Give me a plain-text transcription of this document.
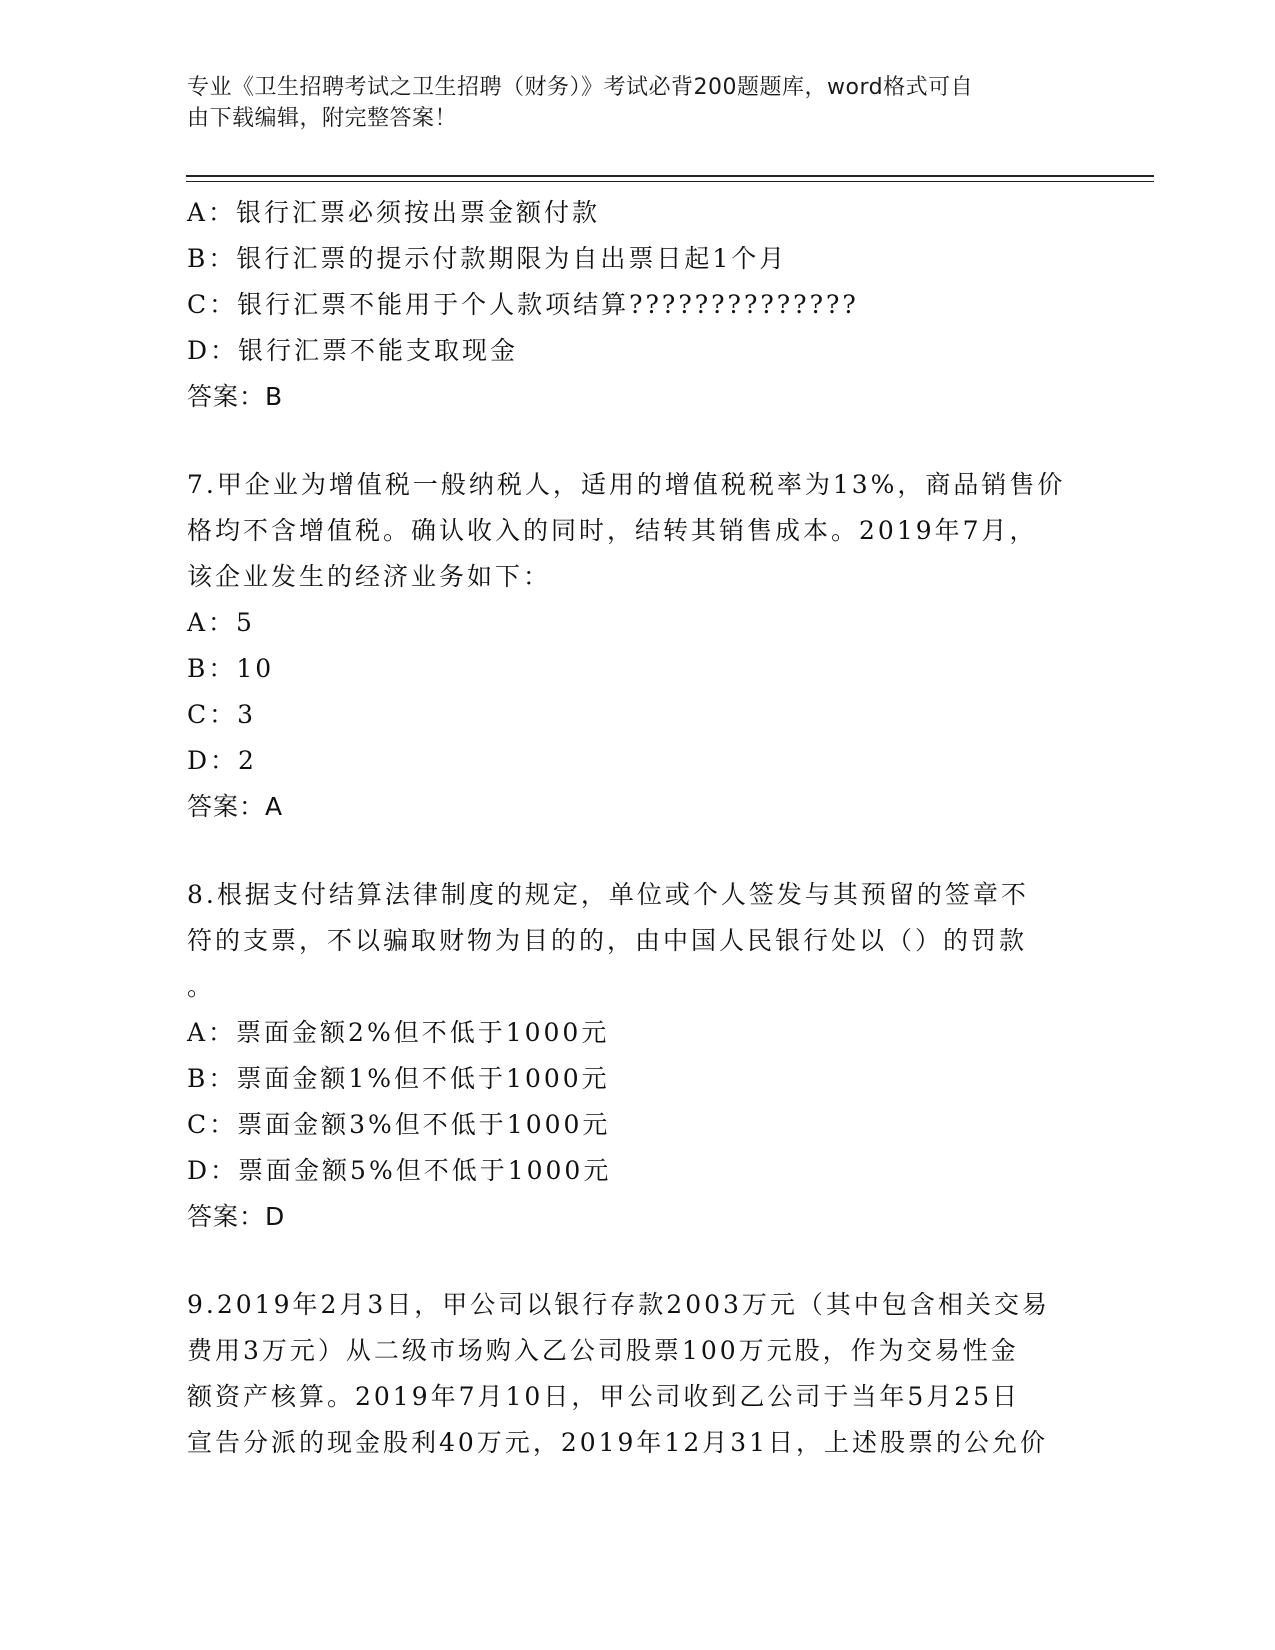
专业《卫生招聘考试之卫生招聘（财务）》考试必背200题题库，word格式可自
由下载编辑，附完整答案！
A：银行汇票必须按出票金额付款
B：银行汇票的提示付款期限为自出票日起1个月
C：银行汇票不能用于个人款项结算??????????????
D：银行汇票不能支取现金
答案：B
7.甲企业为增值税一般纳税人，适用的增值税税率为13%，商品销售价
格均不含增值税。确认收入的同时，结转其销售成本。2019年7月，
该企业发生的经济业务如下：
A：5
B：10
C：3
D：2
答案：A
8.根据支付结算法律制度的规定，单位或个人签发与其预留的签章不
符的支票，不以骗取财物为目的的，由中国人民银行处以（）的罚款
。
A：票面金额2%但不低于1000元
B：票面金额1%但不低于1000元
C：票面金额3%但不低于1000元
D：票面金额5%但不低于1000元
答案：D
9.2019年2月3日，甲公司以银行存款2003万元（其中包含相关交易
费用3万元）从二级市场购入乙公司股票100万元股，作为交易性金
额资产核算。2019年7月10日，甲公司收到乙公司于当年5月25日
宣告分派的现金股利40万元，2019年12月31日，上述股票的公允价
